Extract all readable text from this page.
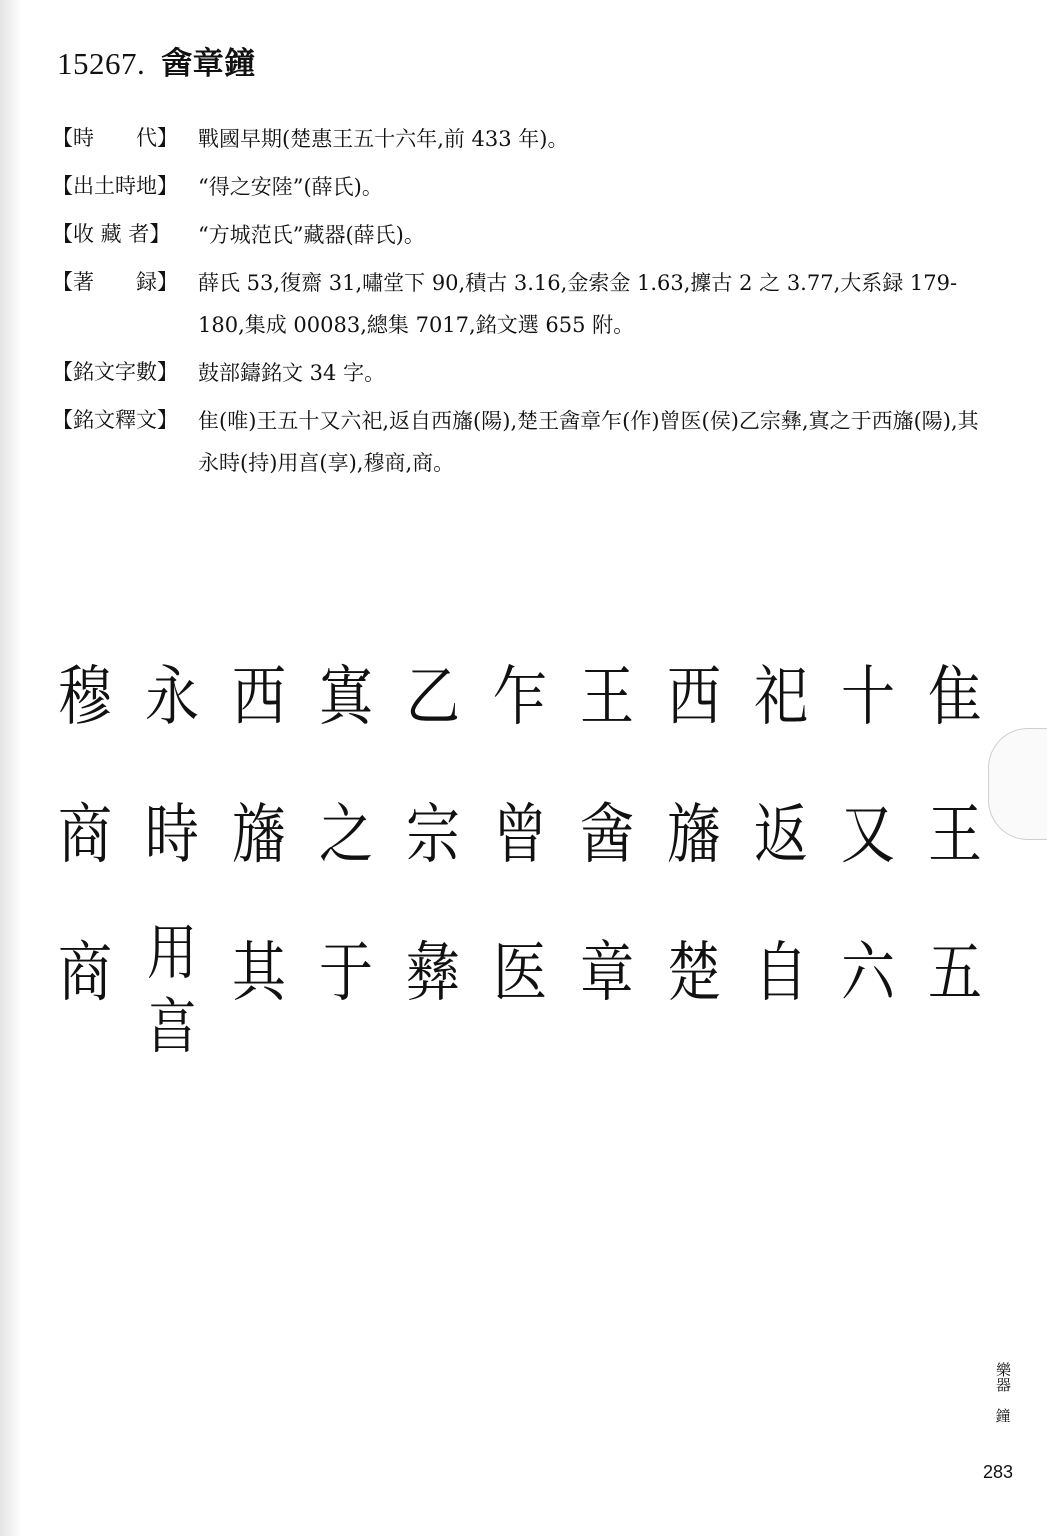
15267. 酓章鐘
【時　　代】 戰國早期(楚惠王五十六年,前 433 年)。
【出土時地】 “得之安陸”(薛氏)。
【收 藏 者】	“方城范氏”藏器(薛氏)。
【著　　録】 薛氏 53,復齋 31,嘯堂下 90,積古 3.16,金索金 1.63,攈古 2 之 3.77,大系録 179-180,集成 00083,總集 7017,銘文選 655 附。
【銘文字數】 鼓部鑄銘文 34 字。
【銘文釋文】 隹(唯)王五十又六祀,返自西旛(陽),楚王酓章乍(作)曾医(侯)乙宗彝,寘之于西旛(陽),其永時(持)用亯(享),穆商,商。
隹
王
五
十
又
六
祀
返
自
西
旛
楚
王
酓
章
乍
曾
医
乙
宗
彝
寘
之
于
西
旛
其
永
時
用
亯
穆
商
商
樂器
鐘
283
